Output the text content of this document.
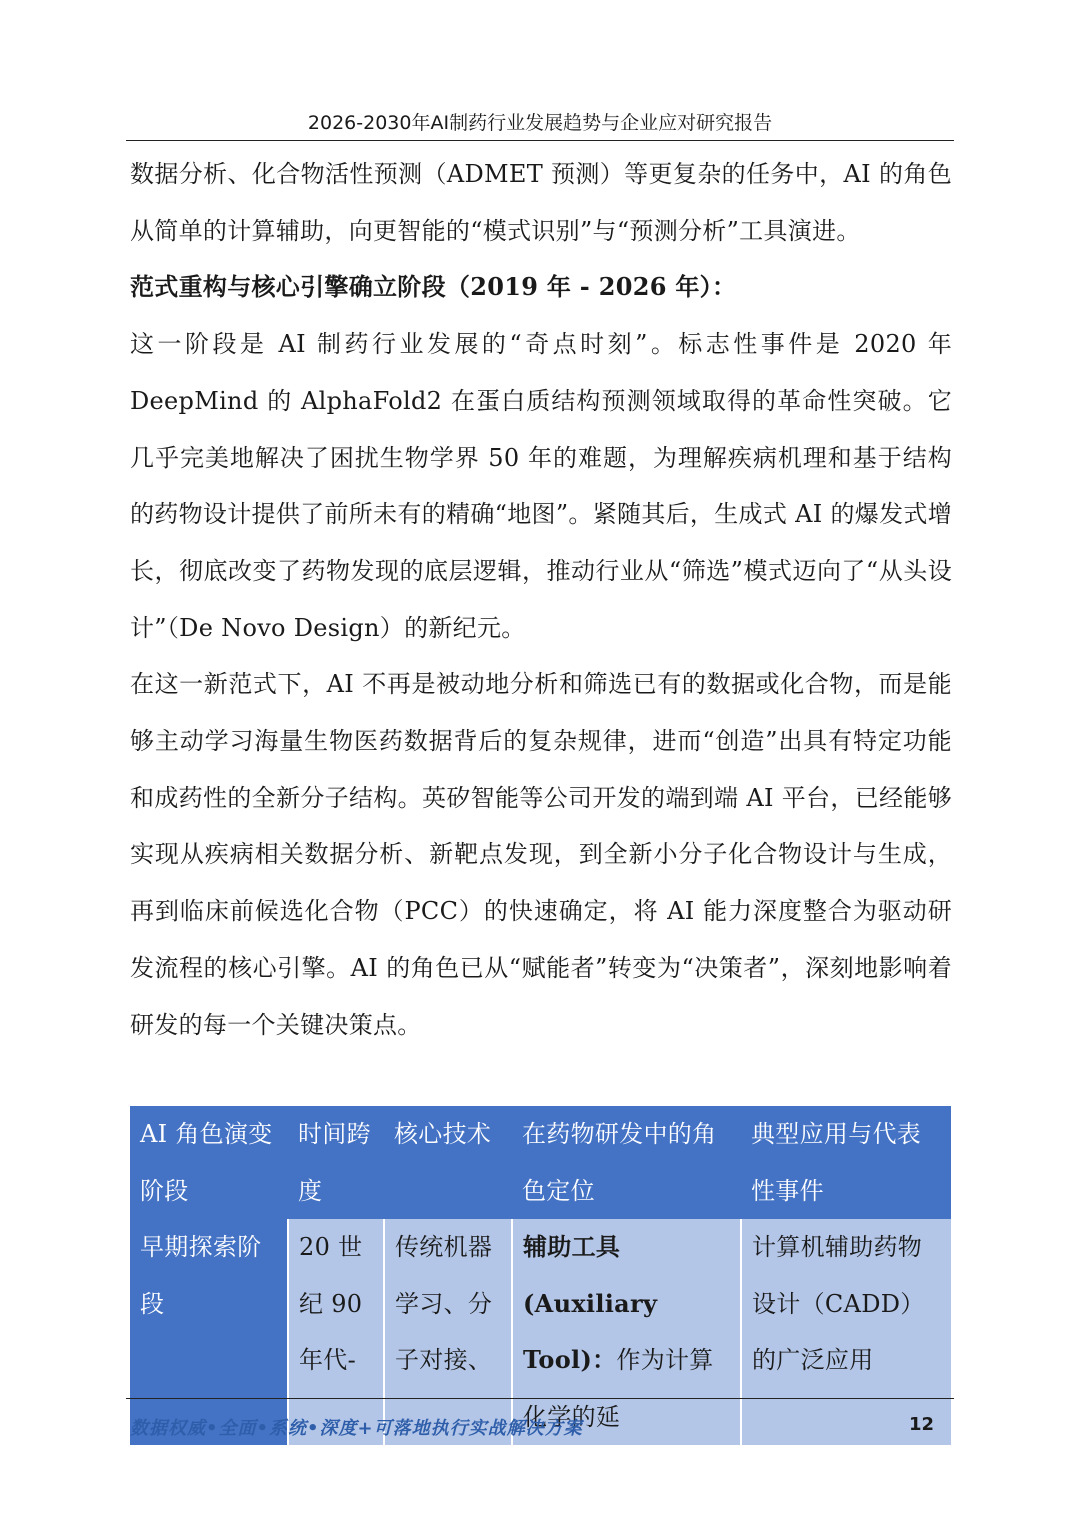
2026-2030年AI制药行业发展趋势与企业应对研究报告

数据分析、化合物活性预测（ADMET 预测）等更复杂的任务中，AI 的角色从简单的计算辅助，向更智能的“模式识别”与“预测分析”工具演进。

范式重构与核心引擎确立阶段（2019 年 - 2026 年）：

这一阶段是 AI 制药行业发展的“奇点时刻”。标志性事件是 2020 年 DeepMind 的 AlphaFold2 在蛋白质结构预测领域取得的革命性突破。它几乎完美地解决了困扰生物学界 50 年的难题，为理解疾病机理和基于结构的药物设计提供了前所未有的精确“地图”。紧随其后，生成式 AI 的爆发式增长，彻底改变了药物发现的底层逻辑，推动行业从“筛选”模式迈向了“从头设计”（De Novo Design）的新纪元。

在这一新范式下，AI 不再是被动地分析和筛选已有的数据或化合物，而是能够主动学习海量生物医药数据背后的复杂规律，进而“创造”出具有特定功能和成药性的全新分子结构。英矽智能等公司开发的端到端 AI 平台，已经能够实现从疾病相关数据分析、新靶点发现，到全新小分子化合物设计与生成，再到临床前候选化合物（PCC）的快速确定，将 AI 能力深度整合为驱动研发流程的核心引擎。AI 的角色已从“赋能者”转变为“决策者”，深刻地影响着研发的每一个关键决策点。

AI 角色演变阶段	时间跨度	核心技术	在药物研发中的角色定位	典型应用与代表性事件
早期探索阶段	20 世纪 90 年代-	传统机器学习、分子对接、	辅助工具 (Auxiliary Tool)：作为计算化学的延	计算机辅助药物设计（CADD）的广泛应用
数据权威•全面•系统•深度+可落地执行实战解决方案	12
